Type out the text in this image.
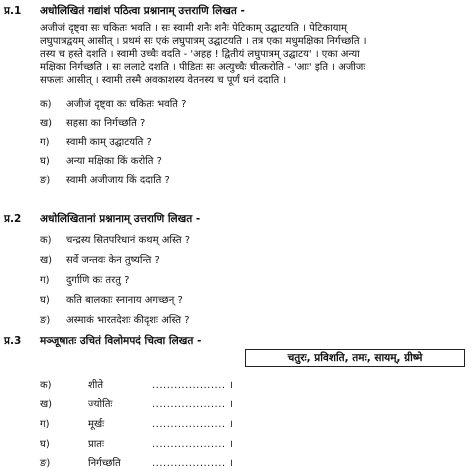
प्र.1 अधोलिखितं गद्यांशं पठित्वा प्रश्नानाम् उत्तराणि लिखत -
अजीजं दृष्ट्वा सः चकितः भवति । सः स्वामी शनैः शनैः पेटिकाम् उद्घाटयति । पेटिकायाम्
लघुपात्रद्वयम् आसीत् । प्रथमं सः एकं लघुपात्रम् उद्घाटयति । तत्र एका मधुमक्षिका निर्गच्छति ।
तस्य च हस्ते दशति । स्वामी उच्चैः वदति - 'अहह ! द्वितीयं लघुपात्रम् उद्घाटय' । एका अन्या
मक्षिका निर्गच्छति । सः ललाटे दशति । पीडितः सः अत्युच्चैः चीत्करोति - 'आः' इति । अजीजः
सफलः आसीत् । स्वामी तस्मै अवकाशस्य वेतनस्य च पूर्णं धनं ददाति ।
क) अजीजं दृष्ट्वा कः चकितः भवति ?
ख) सहसा का निर्गच्छति ?
ग) स्वामी काम् उद्घाटयति ?
घ) अन्या मक्षिका किं करोति ?
ङ) स्वामी अजीजाय किं ददाति ?
प्र.2 अधोलिखितानां प्रश्नानाम् उत्तराणि लिखत -
क) चन्द्रस्य सितपरिधानं कथम् अस्ति ?
ख) सर्वे जन्तवः केन तुष्यन्ति ?
ग) दुर्गाणि कः तरतु ?
घ) कति बालकाः स्नानाय अगच्छन् ?
ङ) अस्माकं भारतदेशः कीदृशः अस्ति ?
प्र.3 मञ्जूषातः उचितं विलोमपदं चित्वा लिखत -
चतुरः, प्रविशति, तमः, सायम्, ग्रीष्मे
क)	शीते	.................... ।
ख)	ज्योतिः	.................... ।
ग)	मूर्खः	.................... ।
घ)	प्रातः	.................... ।
ङ)	निर्गच्छति	.................... ।
